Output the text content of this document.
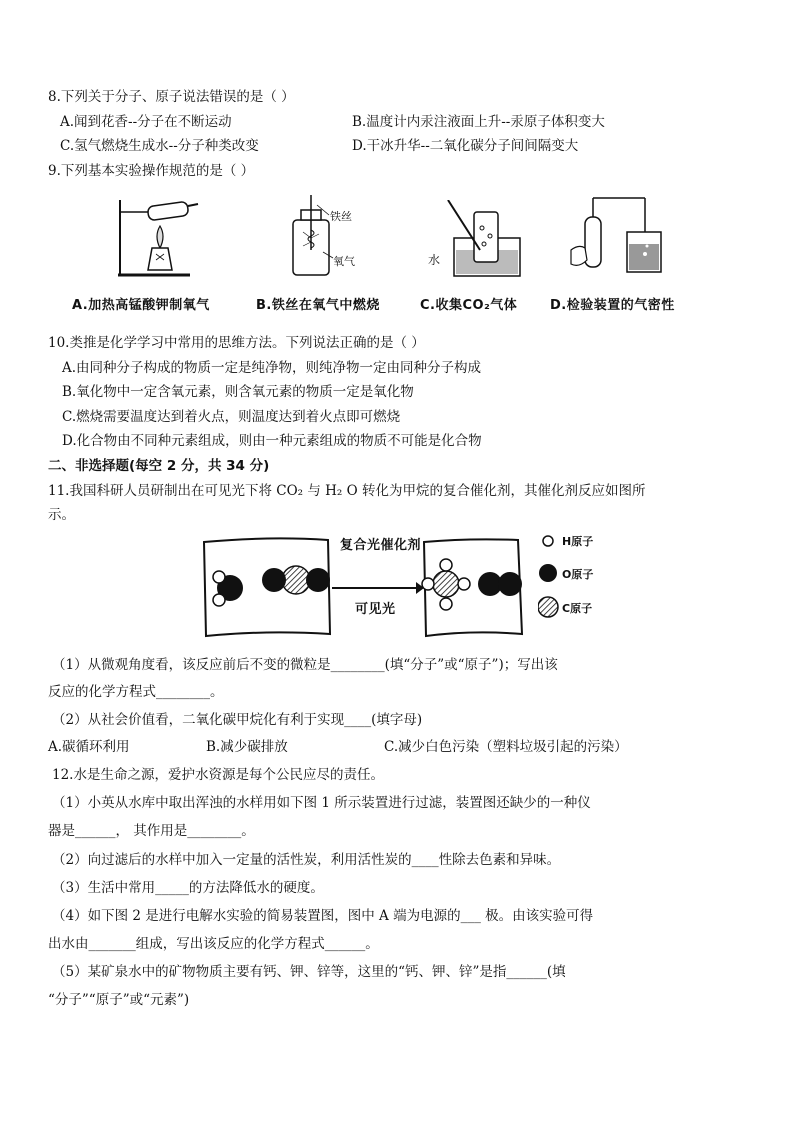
8.下列关于分子、原子说法错误的是（ ）
A.闻到花香--分子在不断运动	B.温度计内汞注液面上升--汞原子体积变大
C.氢气燃烧生成水--分子种类改变	D.干冰升华--二氧化碳分子间间隔变大
9.下列基本实验操作规范的是（ ）
铁丝
氧气	水
A.加热高锰酸钾制氧气	B.铁丝在氧气中燃烧	C.收集CO₂气体	D.检验装置的气密性
10.类推是化学学习中常用的思维方法。下列说法正确的是（ ）
A.由同种分子构成的物质一定是纯净物，则纯净物一定由同种分子构成
B.氧化物中一定含氧元素，则含氧元素的物质一定是氧化物
C.燃烧需要温度达到着火点，则温度达到着火点即可燃烧
D.化合物由不同种元素组成，则由一种元素组成的物质不可能是化合物
二、非选择题(每空 2 分，共 34 分)
11.我国科研人员研制出在可见光下将 CO₂ 与 H₂ O 转化为甲烷的复合催化剂，其催化剂反应如图所
示。
复合光催化剂
可见光
H原子
O原子
C原子
（1）从微观角度看，该反应前后不变的微粒是________(填“分子”或“原子”)；写出该
反应的化学方程式________。
（2）从社会价值看，二氧化碳甲烷化有利于实现____(填字母)
A.碳循环利用	B.减少碳排放	C.减少白色污染（塑料垃圾引起的污染）
12.水是生命之源，爱护水资源是每个公民应尽的责任。
（1）小英从水库中取出浑浊的水样用如下图 1 所示装置进行过滤，装置图还缺少的一种仪
器是______， 其作用是________。
（2）向过滤后的水样中加入一定量的活性炭，利用活性炭的____性除去色素和异味。
（3）生活中常用_____的方法降低水的硬度。
（4）如下图 2 是进行电解水实验的简易装置图，图中 A 端为电源的___ 极。由该实验可得
出水由_______组成，写出该反应的化学方程式______。
（5）某矿泉水中的矿物物质主要有钙、钾、锌等，这里的“钙、钾、锌”是指______(填
“分子”“原子”或“元素”)
